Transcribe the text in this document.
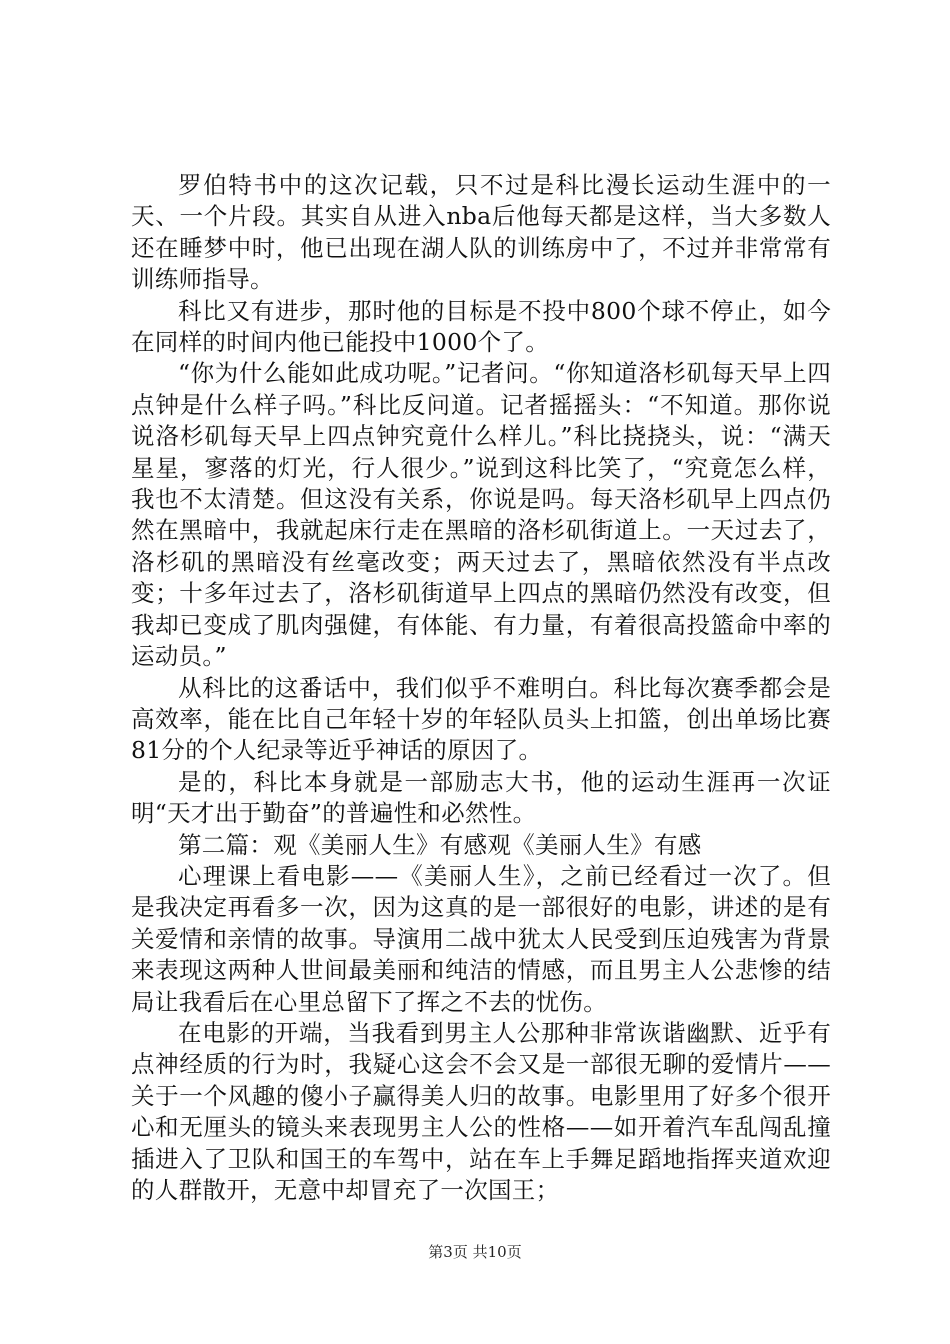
罗伯特书中的这次记载，只不过是科比漫长运动生涯中的一天、一个片段。其实自从进入nba后他每天都是这样，当大多数人还在睡梦中时，他已出现在湖人队的训练房中了，不过并非常常有训练师指导。

科比又有进步，那时他的目标是不投中800个球不停止，如今在同样的时间内他已能投中1000个了。

“你为什么能如此成功呢。”记者问。“你知道洛杉矶每天早上四点钟是什么样子吗。”科比反问道。记者摇摇头：“不知道。那你说说洛杉矶每天早上四点钟究竟什么样儿。”科比挠挠头，说：“满天星星，寥落的灯光，行人很少。”说到这科比笑了，“究竟怎么样，我也不太清楚。但这没有关系，你说是吗。每天洛杉矶早上四点仍然在黑暗中，我就起床行走在黑暗的洛杉矶街道上。一天过去了，洛杉矶的黑暗没有丝毫改变；两天过去了，黑暗依然没有半点改变；十多年过去了，洛杉矶街道早上四点的黑暗仍然没有改变，但我却已变成了肌肉强健，有体能、有力量，有着很高投篮命中率的运动员。”

从科比的这番话中，我们似乎不难明白。科比每次赛季都会是高效率，能在比自己年轻十岁的年轻队员头上扣篮，创出单场比赛81分的个人纪录等近乎神话的原因了。

是的，科比本身就是一部励志大书，他的运动生涯再一次证明“天才出于勤奋”的普遍性和必然性。

第二篇：观《美丽人生》有感观《美丽人生》有感

心理课上看电影——《美丽人生》，之前已经看过一次了。但是我决定再看多一次，因为这真的是一部很好的电影，讲述的是有关爱情和亲情的故事。导演用二战中犹太人民受到压迫残害为背景来表现这两种人世间最美丽和纯洁的情感，而且男主人公悲惨的结局让我看后在心里总留下了挥之不去的忧伤。

在电影的开端，当我看到男主人公那种非常诙谐幽默、近乎有点神经质的行为时，我疑心这会不会又是一部很无聊的爱情片——关于一个风趣的傻小子赢得美人归的故事。电影里用了好多个很开心和无厘头的镜头来表现男主人公的性格——如开着汽车乱闯乱撞插进入了卫队和国王的车驾中，站在车上手舞足蹈地指挥夹道欢迎的人群散开，无意中却冒充了一次国王；

第3页 共10页
